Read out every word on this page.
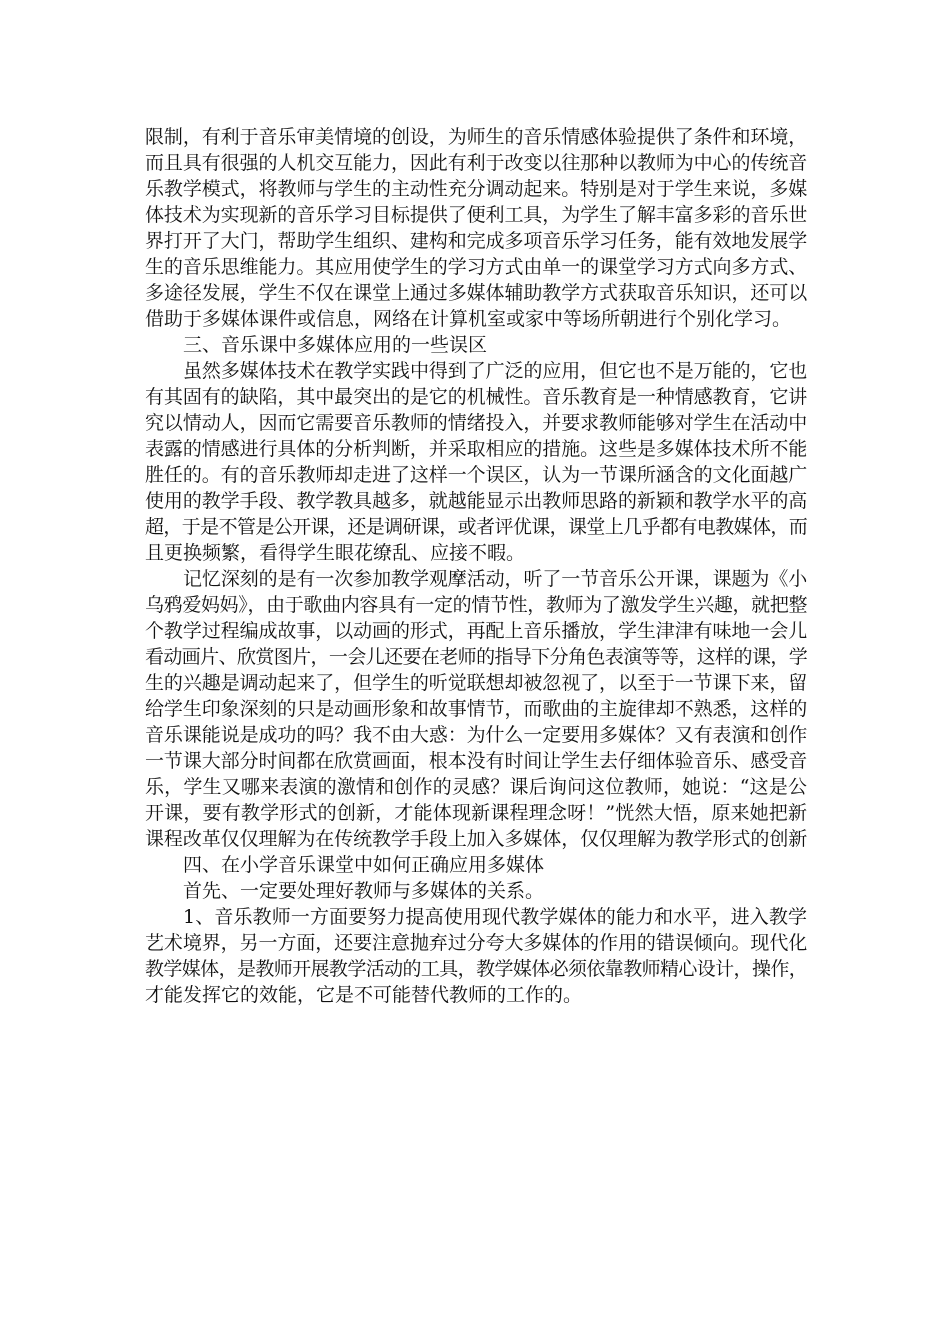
限制，有利于音乐审美情境的创设，为师生的音乐情感体验提供了条件和环境，

而且具有很强的人机交互能力，因此有利于改变以往那种以教师为中心的传统音

乐教学模式，将教师与学生的主动性充分调动起来。特别是对于学生来说，多媒

体技术为实现新的音乐学习目标提供了便利工具，为学生了解丰富多彩的音乐世

界打开了大门，帮助学生组织、建构和完成多项音乐学习任务，能有效地发展学

生的音乐思维能力。其应用使学生的学习方式由单一的课堂学习方式向多方式、

多途径发展，学生不仅在课堂上通过多媒体辅助教学方式获取音乐知识，还可以

借助于多媒体课件或信息，网络在计算机室或家中等场所朝进行个别化学习。

三、音乐课中多媒体应用的一些误区

虽然多媒体技术在教学实践中得到了广泛的应用，但它也不是万能的，它也

有其固有的缺陷，其中最突出的是它的机械性。音乐教育是一种情感教育，它讲

究以情动人，因而它需要音乐教师的情绪投入，并要求教师能够对学生在活动中

表露的情感进行具体的分析判断，并采取相应的措施。这些是多媒体技术所不能

胜任的。有的音乐教师却走进了这样一个误区，认为一节课所涵含的文化面越广

使用的教学手段、教学教具越多，就越能显示出教师思路的新颖和教学水平的高

超，于是不管是公开课，还是调研课，或者评优课，课堂上几乎都有电教媒体，而

且更换频繁，看得学生眼花缭乱、应接不暇。

记忆深刻的是有一次参加教学观摩活动，听了一节音乐公开课，课题为《小

乌鸦爱妈妈》，由于歌曲内容具有一定的情节性，教师为了激发学生兴趣，就把整

个教学过程编成故事，以动画的形式，再配上音乐播放，学生津津有味地一会儿

看动画片、欣赏图片，一会儿还要在老师的指导下分角色表演等等，这样的课，学

生的兴趣是调动起来了，但学生的听觉联想却被忽视了，以至于一节课下来，留

给学生印象深刻的只是动画形象和故事情节，而歌曲的主旋律却不熟悉，这样的

音乐课能说是成功的吗？我不由大惑：为什么一定要用多媒体？又有表演和创作

一节课大部分时间都在欣赏画面，根本没有时间让学生去仔细体验音乐、感受音

乐，学生又哪来表演的激情和创作的灵感？课后询问这位教师，她说：“这是公

开课，要有教学形式的创新，才能体现新课程理念呀！”恍然大悟，原来她把新

课程改革仅仅理解为在传统教学手段上加入多媒体，仅仅理解为教学形式的创新

四、在小学音乐课堂中如何正确应用多媒体

首先、一定要处理好教师与多媒体的关系。

1、音乐教师一方面要努力提高使用现代教学媒体的能力和水平，进入教学

艺术境界，另一方面，还要注意抛弃过分夸大多媒体的作用的错误倾向。现代化

教学媒体，是教师开展教学活动的工具，教学媒体必须依靠教师精心设计，操作，

才能发挥它的效能，它是不可能替代教师的工作的。
